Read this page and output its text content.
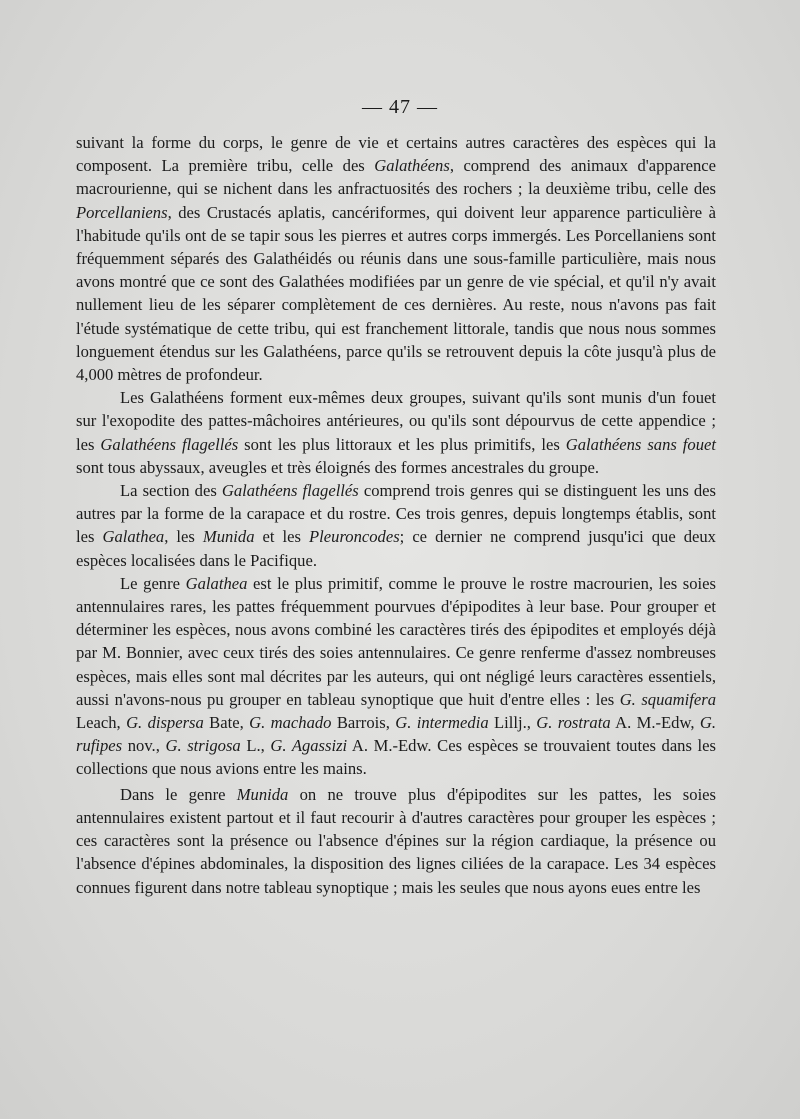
— 47 —

suivant la forme du corps, le genre de vie et certains autres caractères des espèces qui la composent. La première tribu, celle des Galathéens, comprend des animaux d'apparence macrourienne, qui se nichent dans les anfractuosités des rochers ; la deuxième tribu, celle des Porcellaniens, des Crustacés aplatis, cancériformes, qui doivent leur apparence particulière à l'habitude qu'ils ont de se tapir sous les pierres et autres corps immergés. Les Porcellaniens sont fréquemment séparés des Galathéidés ou réunis dans une sous-famille particulière, mais nous avons montré que ce sont des Galathées modifiées par un genre de vie spécial, et qu'il n'y avait nullement lieu de les séparer complètement de ces dernières. Au reste, nous n'avons pas fait l'étude systématique de cette tribu, qui est franchement littorale, tandis que nous nous sommes longuement étendus sur les Galathéens, parce qu'ils se retrouvent depuis la côte jusqu'à plus de 4,000 mètres de profondeur.

Les Galathéens forment eux-mêmes deux groupes, suivant qu'ils sont munis d'un fouet sur l'exopodite des pattes-mâchoires antérieures, ou qu'ils sont dépourvus de cette appendice ; les Galathéens flagellés sont les plus littoraux et les plus primitifs, les Galathéens sans fouet sont tous abyssaux, aveugles et très éloignés des formes ancestrales du groupe.

La section des Galathéens flagellés comprend trois genres qui se distinguent les uns des autres par la forme de la carapace et du rostre. Ces trois genres, depuis longtemps établis, sont les Galathea, les Munida et les Pleuroncodes; ce dernier ne comprend jusqu'ici que deux espèces localisées dans le Pacifique.

Le genre Galathea est le plus primitif, comme le prouve le rostre macrourien, les soies antennulaires rares, les pattes fréquemment pourvues d'épipodites à leur base. Pour grouper et déterminer les espèces, nous avons combiné les caractères tirés des épipodites et employés déjà par M. Bonnier, avec ceux tirés des soies antennulaires. Ce genre renferme d'assez nombreuses espèces, mais elles sont mal décrites par les auteurs, qui ont négligé leurs caractères essentiels, aussi n'avons-nous pu grouper en tableau synoptique que huit d'entre elles : les G. squamifera Leach, G. dispersa Bate, G. machado Barrois, G. intermedia Lillj., G. rostrata A. M.-Edw, G. rufipes nov., G. strigosa L., G. Agassizi A. M.-Edw. Ces espèces se trouvaient toutes dans les collections que nous avions entre les mains.

Dans le genre Munida on ne trouve plus d'épipodites sur les pattes, les soies antennulaires existent partout et il faut recourir à d'autres caractères pour grouper les espèces ; ces caractères sont la présence ou l'absence d'épines sur la région cardiaque, la présence ou l'absence d'épines abdominales, la disposition des lignes ciliées de la carapace. Les 34 espèces connues figurent dans notre tableau synoptique ; mais les seules que nous ayons eues entre les
